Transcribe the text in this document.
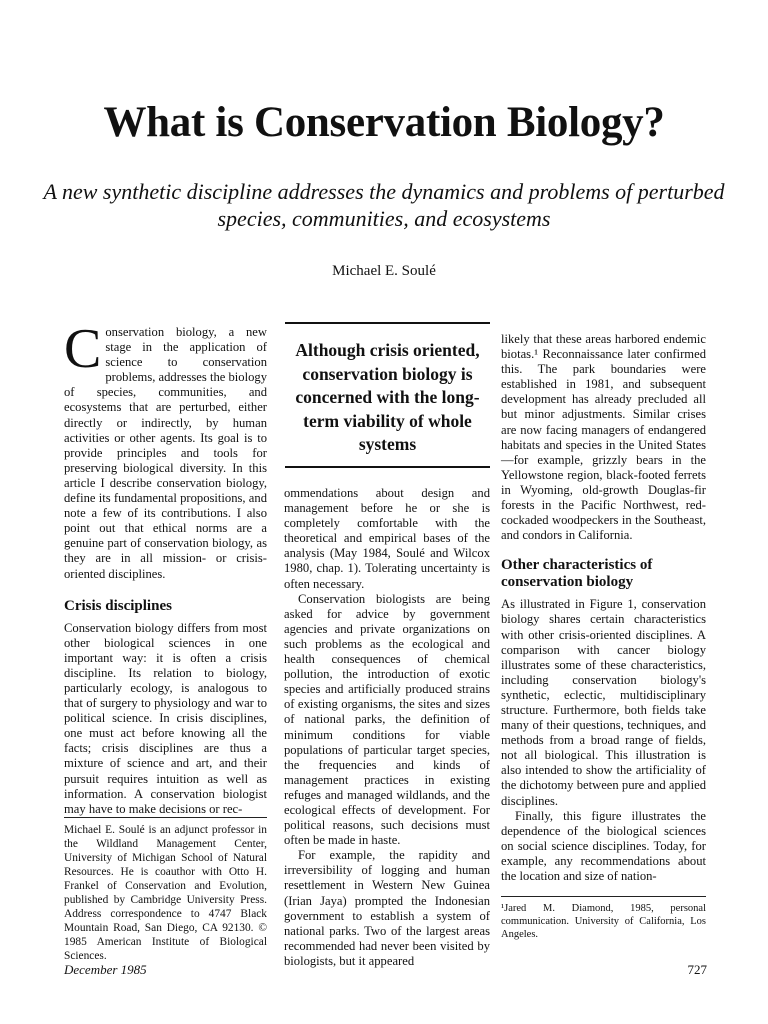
What is Conservation Biology?
A new synthetic discipline addresses the dynamics and problems of perturbed species, communities, and ecosystems
Michael E. Soulé

Conservation biology, a new stage in the application of science to conservation problems, addresses the biology of species, communities, and ecosystems that are perturbed, either directly or indirectly, by human activities or other agents. Its goal is to provide principles and tools for preserving biological diversity. In this article I describe conservation biology, define its fundamental propositions, and note a few of its contributions. I also point out that ethical norms are a genuine part of conservation biology, as they are in all mission- or crisis-oriented disciplines.

Crisis disciplines

Conservation biology differs from most other biological sciences in one important way: it is often a crisis discipline. Its relation to biology, particularly ecology, is analogous to that of surgery to physiology and war to political science. In crisis disciplines, one must act before knowing all the facts; crisis disciplines are thus a mixture of science and art, and their pursuit requires intuition as well as information. A conservation biologist may have to make decisions or rec-

Michael E. Soulé is an adjunct professor in the Wildland Management Center, University of Michigan School of Natural Resources. He is coauthor with Otto H. Frankel of Conservation and Evolution, published by Cambridge University Press. Address correspondence to 4747 Black Mountain Road, San Diego, CA 92130. © 1985 American Institute of Biological Sciences.

Although crisis oriented, conservation biology is concerned with the long-term viability of whole systems

ommendations about design and management before he or she is completely comfortable with the theoretical and empirical bases of the analysis (May 1984, Soulé and Wilcox 1980, chap. 1). Tolerating uncertainty is often necessary.

Conservation biologists are being asked for advice by government agencies and private organizations on such problems as the ecological and health consequences of chemical pollution, the introduction of exotic species and artificially produced strains of existing organisms, the sites and sizes of national parks, the definition of minimum conditions for viable populations of particular target species, the frequencies and kinds of management practices in existing refuges and managed wildlands, and the ecological effects of development. For political reasons, such decisions must often be made in haste.

For example, the rapidity and irreversibility of logging and human resettlement in Western New Guinea (Irian Jaya) prompted the Indonesian government to establish a system of national parks. Two of the largest areas recommended had never been visited by biologists, but it appeared

likely that these areas harbored endemic biotas.¹ Reconnaissance later confirmed this. The park boundaries were established in 1981, and subsequent development has already precluded all but minor adjustments. Similar crises are now facing managers of endangered habitats and species in the United States—for example, grizzly bears in the Yellowstone region, black-footed ferrets in Wyoming, old-growth Douglas-fir forests in the Pacific Northwest, red-cockaded woodpeckers in the Southeast, and condors in California.

Other characteristics of conservation biology

As illustrated in Figure 1, conservation biology shares certain characteristics with other crisis-oriented disciplines. A comparison with cancer biology illustrates some of these characteristics, including conservation biology's synthetic, eclectic, multidisciplinary structure. Furthermore, both fields take many of their questions, techniques, and methods from a broad range of fields, not all biological. This illustration is also intended to show the artificiality of the dichotomy between pure and applied disciplines.

Finally, this figure illustrates the dependence of the biological sciences on social science disciplines. Today, for example, any recommendations about the location and size of nation-

¹Jared M. Diamond, 1985, personal communication. University of California, Los Angeles.

December 1985	727
